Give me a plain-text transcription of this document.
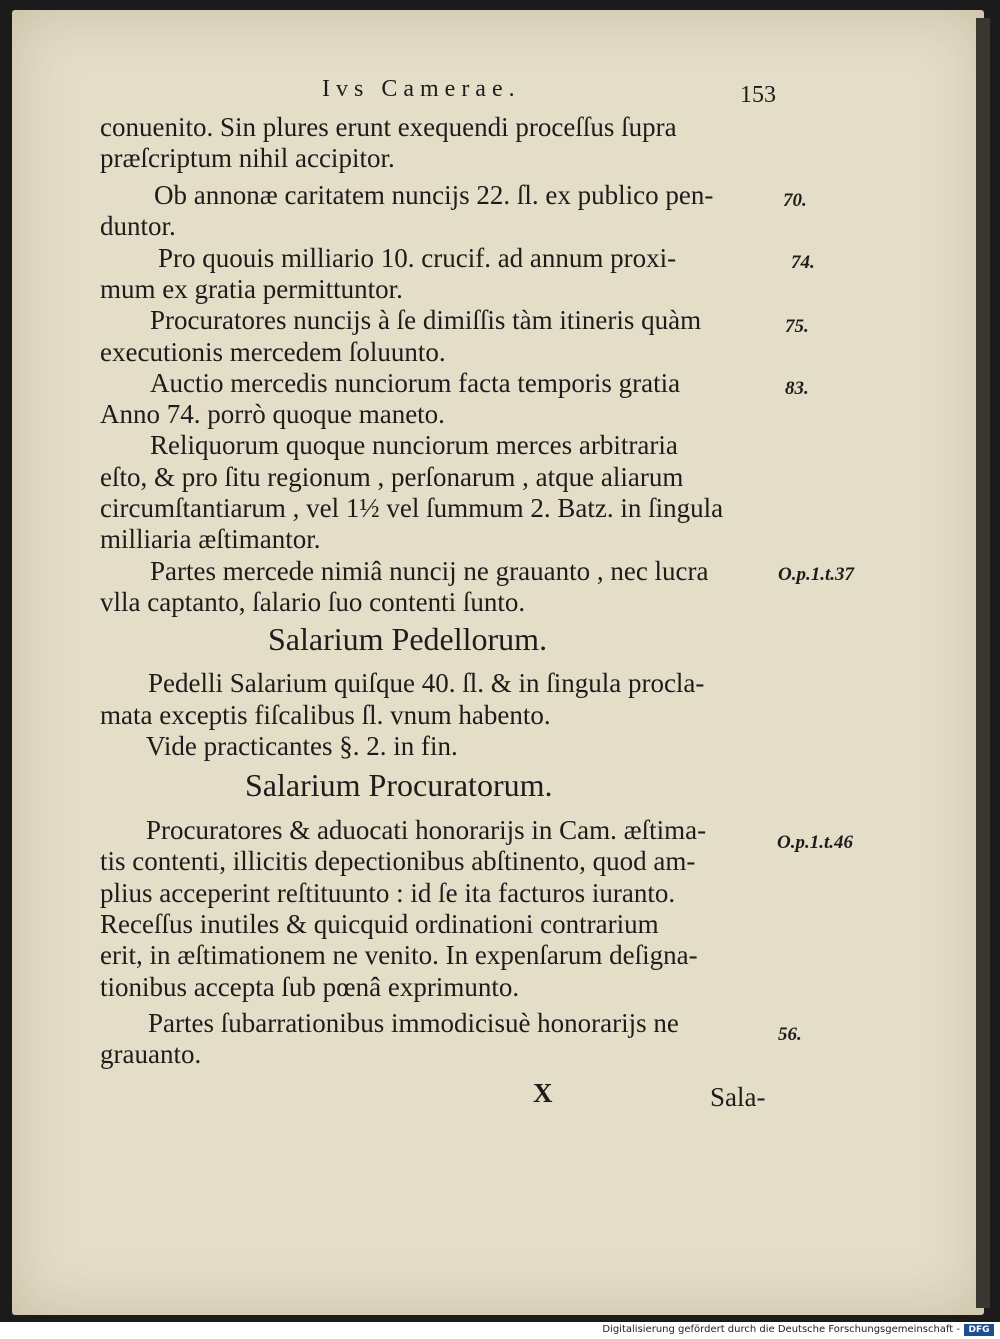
Ivs Camerae.	153
conuenito. Sin plures erunt exequendi proceſſus ſupra
præſcriptum nihil accipitor.
Ob annonæ caritatem nuncijs 22. ſl. ex publico pen-
duntor.
Pro quouis milliario 10. crucif. ad annum proxi-
mum ex gratia permittuntor.
Procuratores nuncijs à ſe dimiſſis tàm itineris quàm
executionis mercedem ſoluunto.
Auctio mercedis nunciorum facta temporis gratia
Anno 74. porrò quoque maneto.
Reliquorum quoque nunciorum merces arbitraria
eſto, & pro ſitu regionum , perſonarum , atque aliarum
circumſtantiarum , vel 1½ vel ſummum 2. Batz. in ſingula
milliaria æſtimantor.
Partes mercede nimiâ nuncij ne grauanto , nec lucra
vlla captanto, ſalario ſuo contenti ſunto.
Salarium Pedellorum.
Pedelli Salarium quiſque 40. ſl. & in ſingula procla-
mata exceptis fiſcalibus ſl. vnum habento.
Vide practicantes §. 2. in fin.
Salarium Procuratorum.
Procuratores & aduocati honorarijs in Cam. æſtima-
tis contenti, illicitis depectionibus abſtinento, quod am-
plius acceperint reſtituunto : id ſe ita facturos iuranto.
Receſſus inutiles & quicquid ordinationi contrarium
erit, in æſtimationem ne venito. In expenſarum deſigna-
tionibus accepta ſub pœnâ exprimunto.
Partes ſubarrationibus immodicisuè honorarijs ne
grauanto.
70.
74.
75.
83.
O.p.1.t.37
O.p.1.t.46
56.
X	Sala-
Digitalisierung gefördert durch die Deutsche Forschungsgemeinschaft - DFG
